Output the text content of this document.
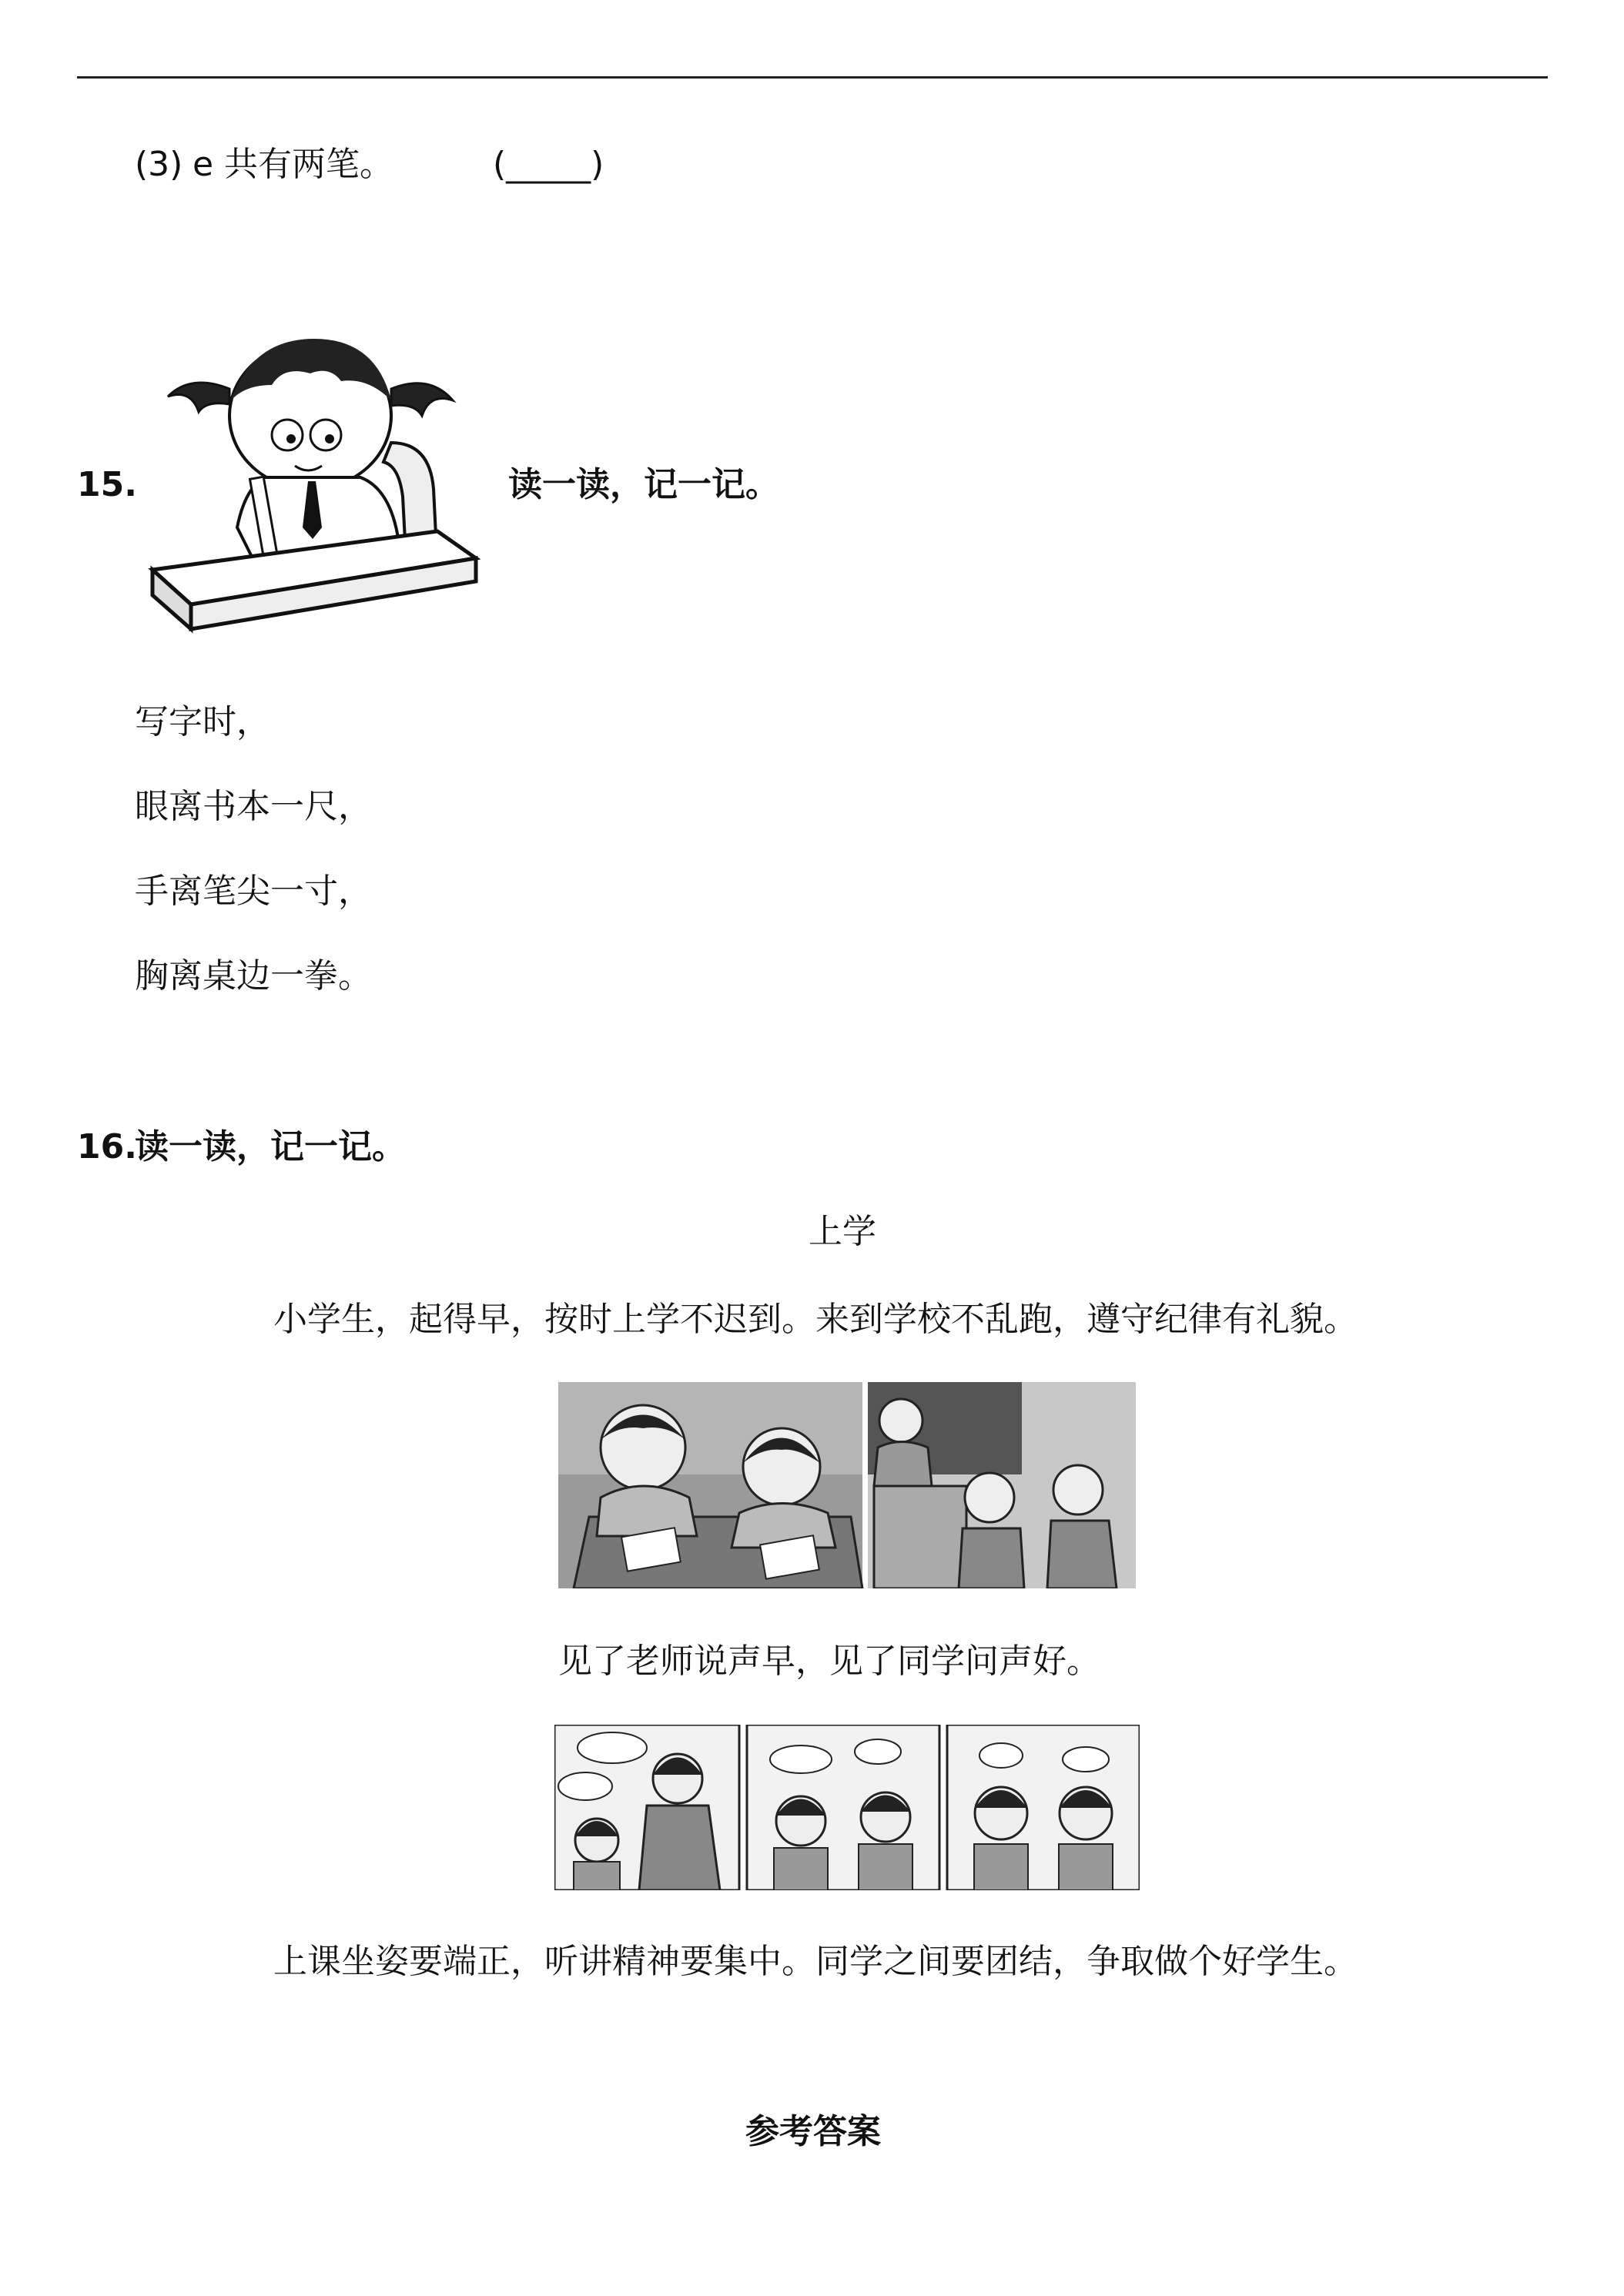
(3) e 共有两笔。	(_____)
15.	读一读，记一记。
写字时，
眼离书本一尺，
手离笔尖一寸，
胸离桌边一拳。
16.
读一读，记一记。
上学
小学生，起得早，按时上学不迟到。来到学校不乱跑，遵守纪律有礼貌。
见了老师说声早，见了同学问声好。
上课坐姿要端正，听讲精神要集中。同学之间要团结，争取做个好学生。
参考答案
